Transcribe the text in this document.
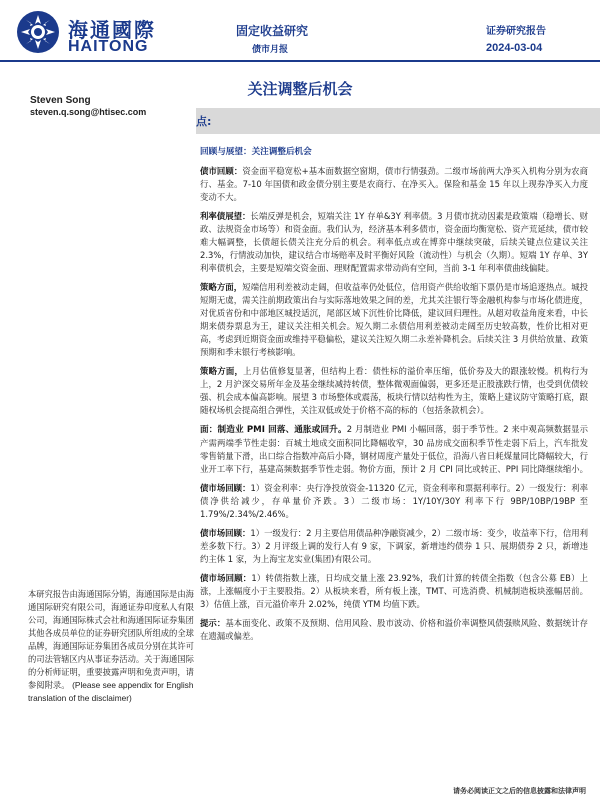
海通國際
HAITONG
固定收益研究
债市月报
证券研究报告
2024-03-04
关注调整后机会
Steven Song
steven.q.song@htisec.com
点:
回顾与展望：关注调整后机会
债市回顾：资金面平稳宽松+基本面数据空窗期，债市行情强劲。二级市场前两大净买入机构分别为农商行、基金。7-10 年国债和政金债分别主要是农商行、在净买入。保险和基金 15 年以上现券净买入力度变动不大。
利率债展望：长端反弹是机会，短端关注 1Y 存单&3Y 利率债。3 月债市扰动因素是政策端（稳增长、财政、法规资金市场等）和资金面。我们认为，经济基本利多债市，资金面均衡宽松、资产荒延续，债市较难大幅调整，长债超长债关注充分后的机会。利率低点或在博弈中继续突破，后续关键点位建议关注 2.3%，行情波动加快，建议结合市场赔率及时平衡好风险（流动性）与机会（久期）。短端 1Y 存单、3Y 利率债机会，主要是短端交资金面、理财配置需求带动尚有空间，当前 3-1 年利率债曲线偏陡。
策略方面，短端信用利差被动走阔，但收益率仍处低位，信用资产供给收缩下票仍是市场追逐热点。城投短期无虞，需关注前期政策出台与实际落地效果之间的差，尤其关注银行等金融机构参与市场化债进度，对优质省份和中部地区城投适沉，尾部区域下沉性价比降低，建议回归理性。从超对收益角度来看，中长期来债券票息为王，建议关注相关机会。短久期二永债信用利差被动走阔至历史较高数，性价比相对更高，考虑到近期资金面或维持平稳偏松，建议关注短久期二永差补降机会。后续关注 3 月供给放量、政策预期和季末银行考核影响。
策略方面，上月估值修复显著，但结构上看：债性标的溢价率压缩，低价券及大的跟涨较慢。机构行为上，2 月沪深交易所年金及基金继续减持转债，整体微观面偏弱，更多还是正股涨跌行情，也受到优债较强、机会成本偏高影响。展望 3 市场整体或震荡，板块行情以结构性为主，策略上建议防守策略打底，跟随权场机会提高组合弹性，关注双低或处于价格不高的标的（包括条款机会）。
面：制造业 PMI 回落、通胀或回升。2 月制造业 PMI 小幅回落，弱于季节性。2 来中观高频数据显示产需两端季节性走弱：百城土地成交面积同比降幅收窄，30 品房成交面积季节性走弱下后上，汽车批发零售销量下滑，出口综合指数冲高后小降，钢材周度产量处于低位，沿海八省日耗煤量同比降幅较大，行业开工率下行，基建高频数据季节性走弱。物价方面，预计 2 月 CPI 同比或转正、PPI 同比降继续缩小。
债市场回顾：1）资金利率：央行净投放资金-11320 亿元，资金利率和票据利率行。2）一级发行：利率债净供给减少，存单量价齐跌。3）二级市场：1Y/10Y/30Y 利率下行 9BP/10BP/19BP 至 1.79%/2.34%/2.46%。
债市场回顾：1）一级发行：2 月主要信用债品种净融资减少，2）二级市场：变少，收益率下行，信用利差多数下行。3）2 月评级上调的发行人有 9 家，下调家，新增违约债券 1 只、展期债券 2 只，新增违约主体 1 家，为上海宝龙实业(集团)有限公司。
债市场回顾：1）转债指数上涨，日均成交量上涨 23.92%，我们计算的转债全指数（包含公募 EB）上涨，上涨幅度小于主要股指。2）从板块来看，所有板上涨，TMT、可选消费、机械制造板块涨幅居前。3）估值上涨，百元溢价率升 2.02%，纯债 YTM 均值下跌。
提示：基本面变化、政策不及预期、信用风险、股市波动、价格和溢价率调整风债强赎风险、数据统计存在遗漏或偏差。
本研究报告由海通国际分销，海通国际是由海通国际研究有限公司，海通证券印度私人有限公司，海通国际株式会社和海通国际证券集团其他各成员单位的证券研究团队所组成的全球品牌，海通国际证券集团各成员分别在其许可的司法管辖区内从事证券活动。关于海通国际的分析师证明，重要披露声明和免责声明，请参阅附录。 (Please see appendix for English translation of the disclaimer)
请务必阅读正文之后的信息披露和法律声明
